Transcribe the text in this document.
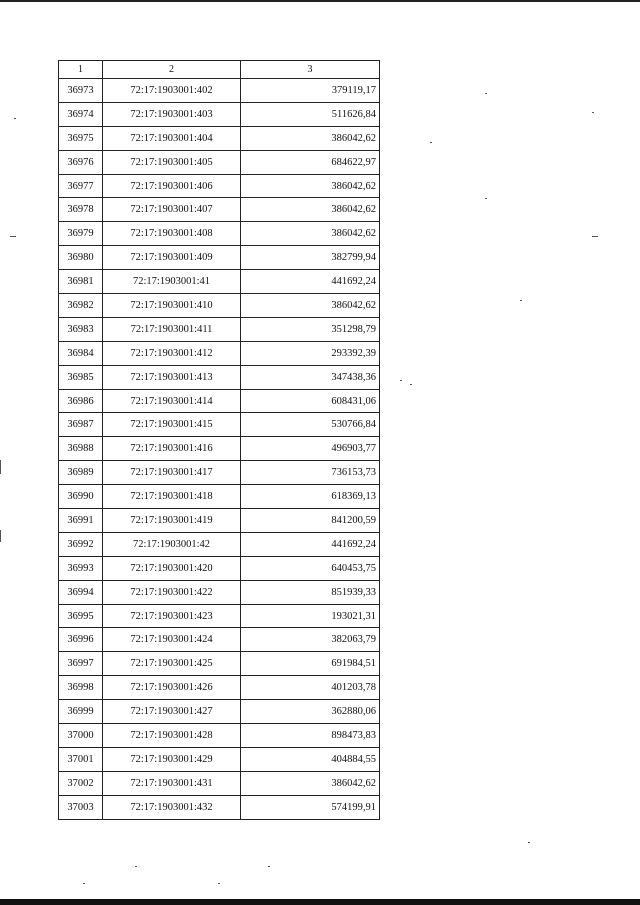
1	2	3
36973	72:17:1903001:402	379119,17
36974	72:17:1903001:403	511626,84
36975	72:17:1903001:404	386042,62
36976	72:17:1903001:405	684622,97
36977	72:17:1903001:406	386042,62
36978	72:17:1903001:407	386042,62
36979	72:17:1903001:408	386042,62
36980	72:17:1903001:409	382799,94
36981	72:17:1903001:41	441692,24
36982	72:17:1903001:410	386042,62
36983	72:17:1903001:411	351298,79
36984	72:17:1903001:412	293392,39
36985	72:17:1903001:413	347438,36
36986	72:17:1903001:414	608431,06
36987	72:17:1903001:415	530766,84
36988	72:17:1903001:416	496903,77
36989	72:17:1903001:417	736153,73
36990	72:17:1903001:418	618369,13
36991	72:17:1903001:419	841200,59
36992	72:17:1903001:42	441692,24
36993	72:17:1903001:420	640453,75
36994	72:17:1903001:422	851939,33
36995	72:17:1903001:423	193021,31
36996	72:17:1903001:424	382063,79
36997	72:17:1903001:425	691984,51
36998	72:17:1903001:426	401203,78
36999	72:17:1903001:427	362880,06
37000	72:17:1903001:428	898473,83
37001	72:17:1903001:429	404884,55
37002	72:17:1903001:431	386042,62
37003	72:17:1903001:432	574199,91
